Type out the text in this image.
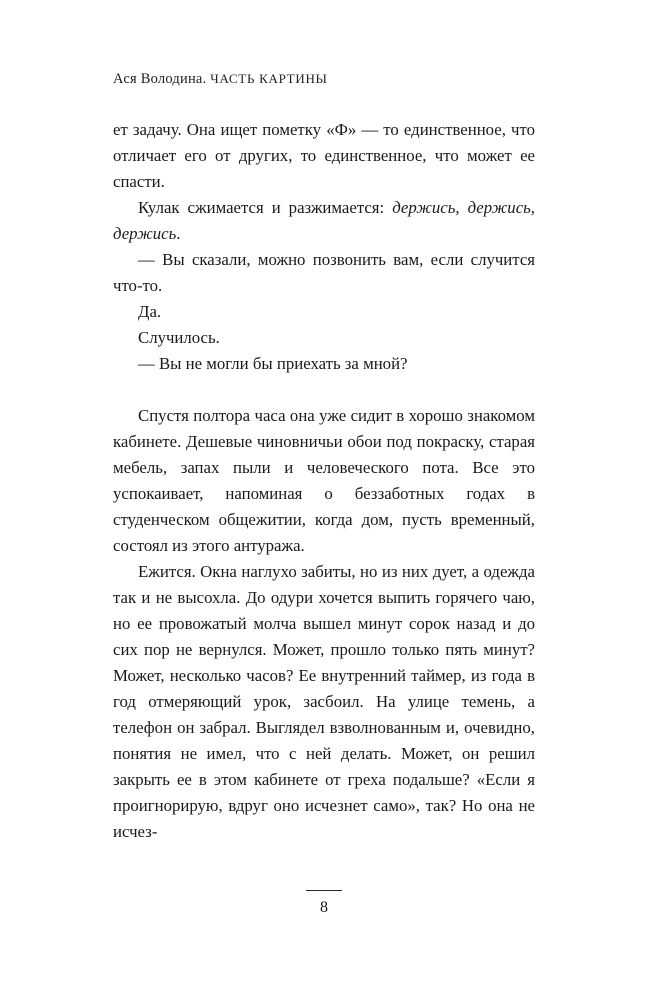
Ася Володина. ЧАСТЬ КАРТИНЫ

ет задачу. Она ищет пометку «Ф» — то единственное, что отличает его от других, то единственное, что может ее спасти.

Кулак сжимается и разжимается: держись, держись, держись.

— Вы сказали, можно позвонить вам, если случится что-то.

Да.

Случилось.

— Вы не могли бы приехать за мной?

Спустя полтора часа она уже сидит в хорошо знакомом кабинете. Дешевые чиновничьи обои под покраску, старая мебель, запах пыли и человеческого пота. Все это успокаивает, напоминая о беззаботных годах в студенческом общежитии, когда дом, пусть временный, состоял из этого антуража.

Ежится. Окна наглухо забиты, но из них дует, а одежда так и не высохла. До одури хочется выпить горячего чаю, но ее провожатый молча вышел минут сорок назад и до сих пор не вернулся. Может, прошло только пять минут? Может, несколько часов? Ее внутренний таймер, из года в год отмеряющий урок, засбоил. На улице темень, а телефон он забрал. Выглядел взволнованным и, очевидно, понятия не имел, что с ней делать. Может, он решил закрыть ее в этом кабинете от греха подальше? «Если я проигнорирую, вдруг оно исчезнет само», так? Но она не исчез-

8
